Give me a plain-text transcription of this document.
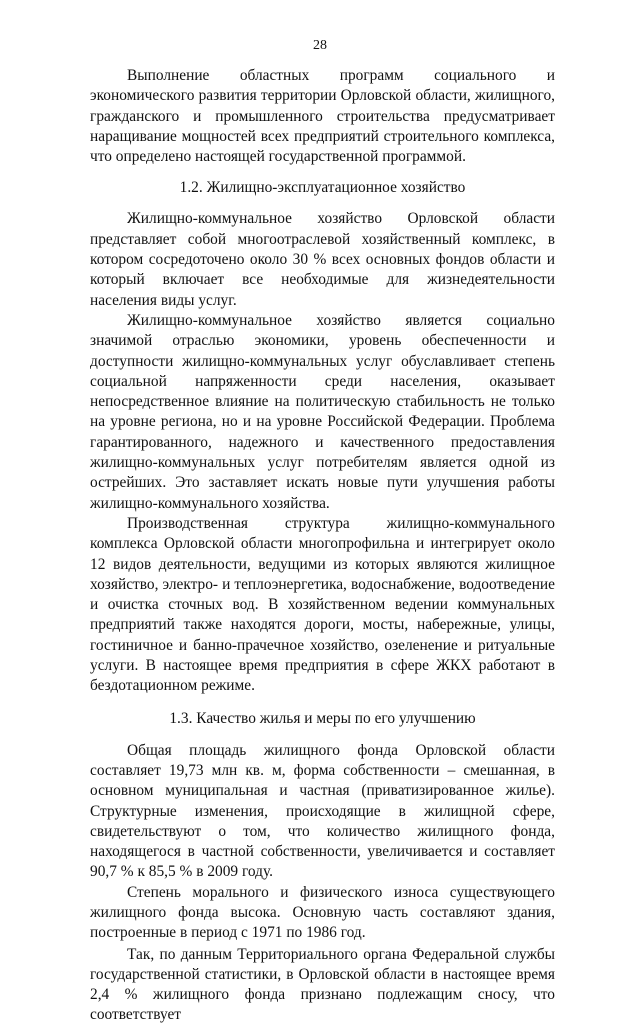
28

Выполнение областных программ социального и экономического развития территории Орловской области, жилищного, гражданского и промышленного строительства предусматривает наращивание мощностей всех предприятий строительного комплекса, что определено настоящей государственной программой.

1.2. Жилищно-эксплуатационное хозяйство

Жилищно-коммунальное хозяйство Орловской области представляет собой многоотраслевой хозяйственный комплекс, в котором сосредоточено около 30 % всех основных фондов области и который включает все необходимые для жизнедеятельности населения виды услуг.

Жилищно-коммунальное хозяйство является социально значимой отраслью экономики, уровень обеспеченности и доступности жилищно-коммунальных услуг обуславливает степень социальной напряженности среди населения, оказывает непосредственное влияние на политическую стабильность не только на уровне региона, но и на уровне Российской Федерации. Проблема гарантированного, надежного и качественного предоставления жилищно-коммунальных услуг потребителям является одной из острейших. Это заставляет искать новые пути улучшения работы жилищно-коммунального хозяйства.

Производственная структура жилищно-коммунального комплекса Орловской области многопрофильна и интегрирует около 12 видов деятельности, ведущими из которых являются жилищное хозяйство, электро- и теплоэнергетика, водоснабжение, водоотведение и очистка сточных вод. В хозяйственном ведении коммунальных предприятий также находятся дороги, мосты, набережные, улицы, гостиничное и банно-прачечное хозяйство, озеленение и ритуальные услуги. В настоящее время предприятия в сфере ЖКХ работают в бездотационном режиме.

1.3. Качество жилья и меры по его улучшению

Общая площадь жилищного фонда Орловской области составляет 19,73 млн кв. м, форма собственности – смешанная, в основном муниципальная и частная (приватизированное жилье). Структурные изменения, происходящие в жилищной сфере, свидетельствуют о том, что количество жилищного фонда, находящегося в частной собственности, увеличивается и составляет 90,7 % к 85,5 % в 2009 году.

Степень морального и физического износа существующего жилищного фонда высока. Основную часть составляют здания, построенные в период с 1971 по 1986 год.

Так, по данным Территориального органа Федеральной службы государственной статистики, в Орловской области в настоящее время 2,4 % жилищного фонда признано подлежащим сносу, что соответствует
